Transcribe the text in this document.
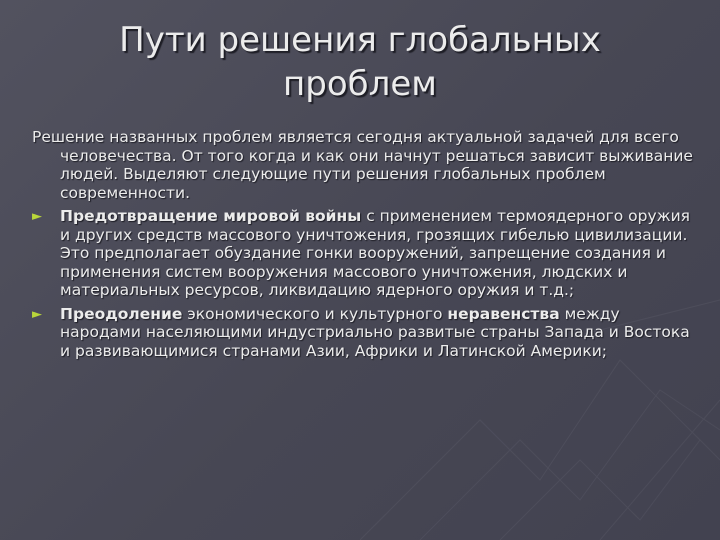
Пути решения глобальных
проблем
Решение названных проблем является сегодня актуальной задачей для всего человечества. От того когда и как они начнут решаться зависит выживание людей. Выделяют следующие пути решения глобальных проблем современности.
► Предотвращение мировой войны с применением термоядерного оружия и других средств массового уничтожения, грозящих гибелью цивилизации. Это предполагает обуздание гонки вооружений, запрещение создания и применения систем вооружения массового уничтожения, людских и материальных ресурсов, ликвидацию ядерного оружия и т.д.;
► Преодоление экономического и культурного неравенства между народами населяющими индустриально развитые страны Запада и Востока и развивающимися странами Азии, Африки и Латинской Америки;
